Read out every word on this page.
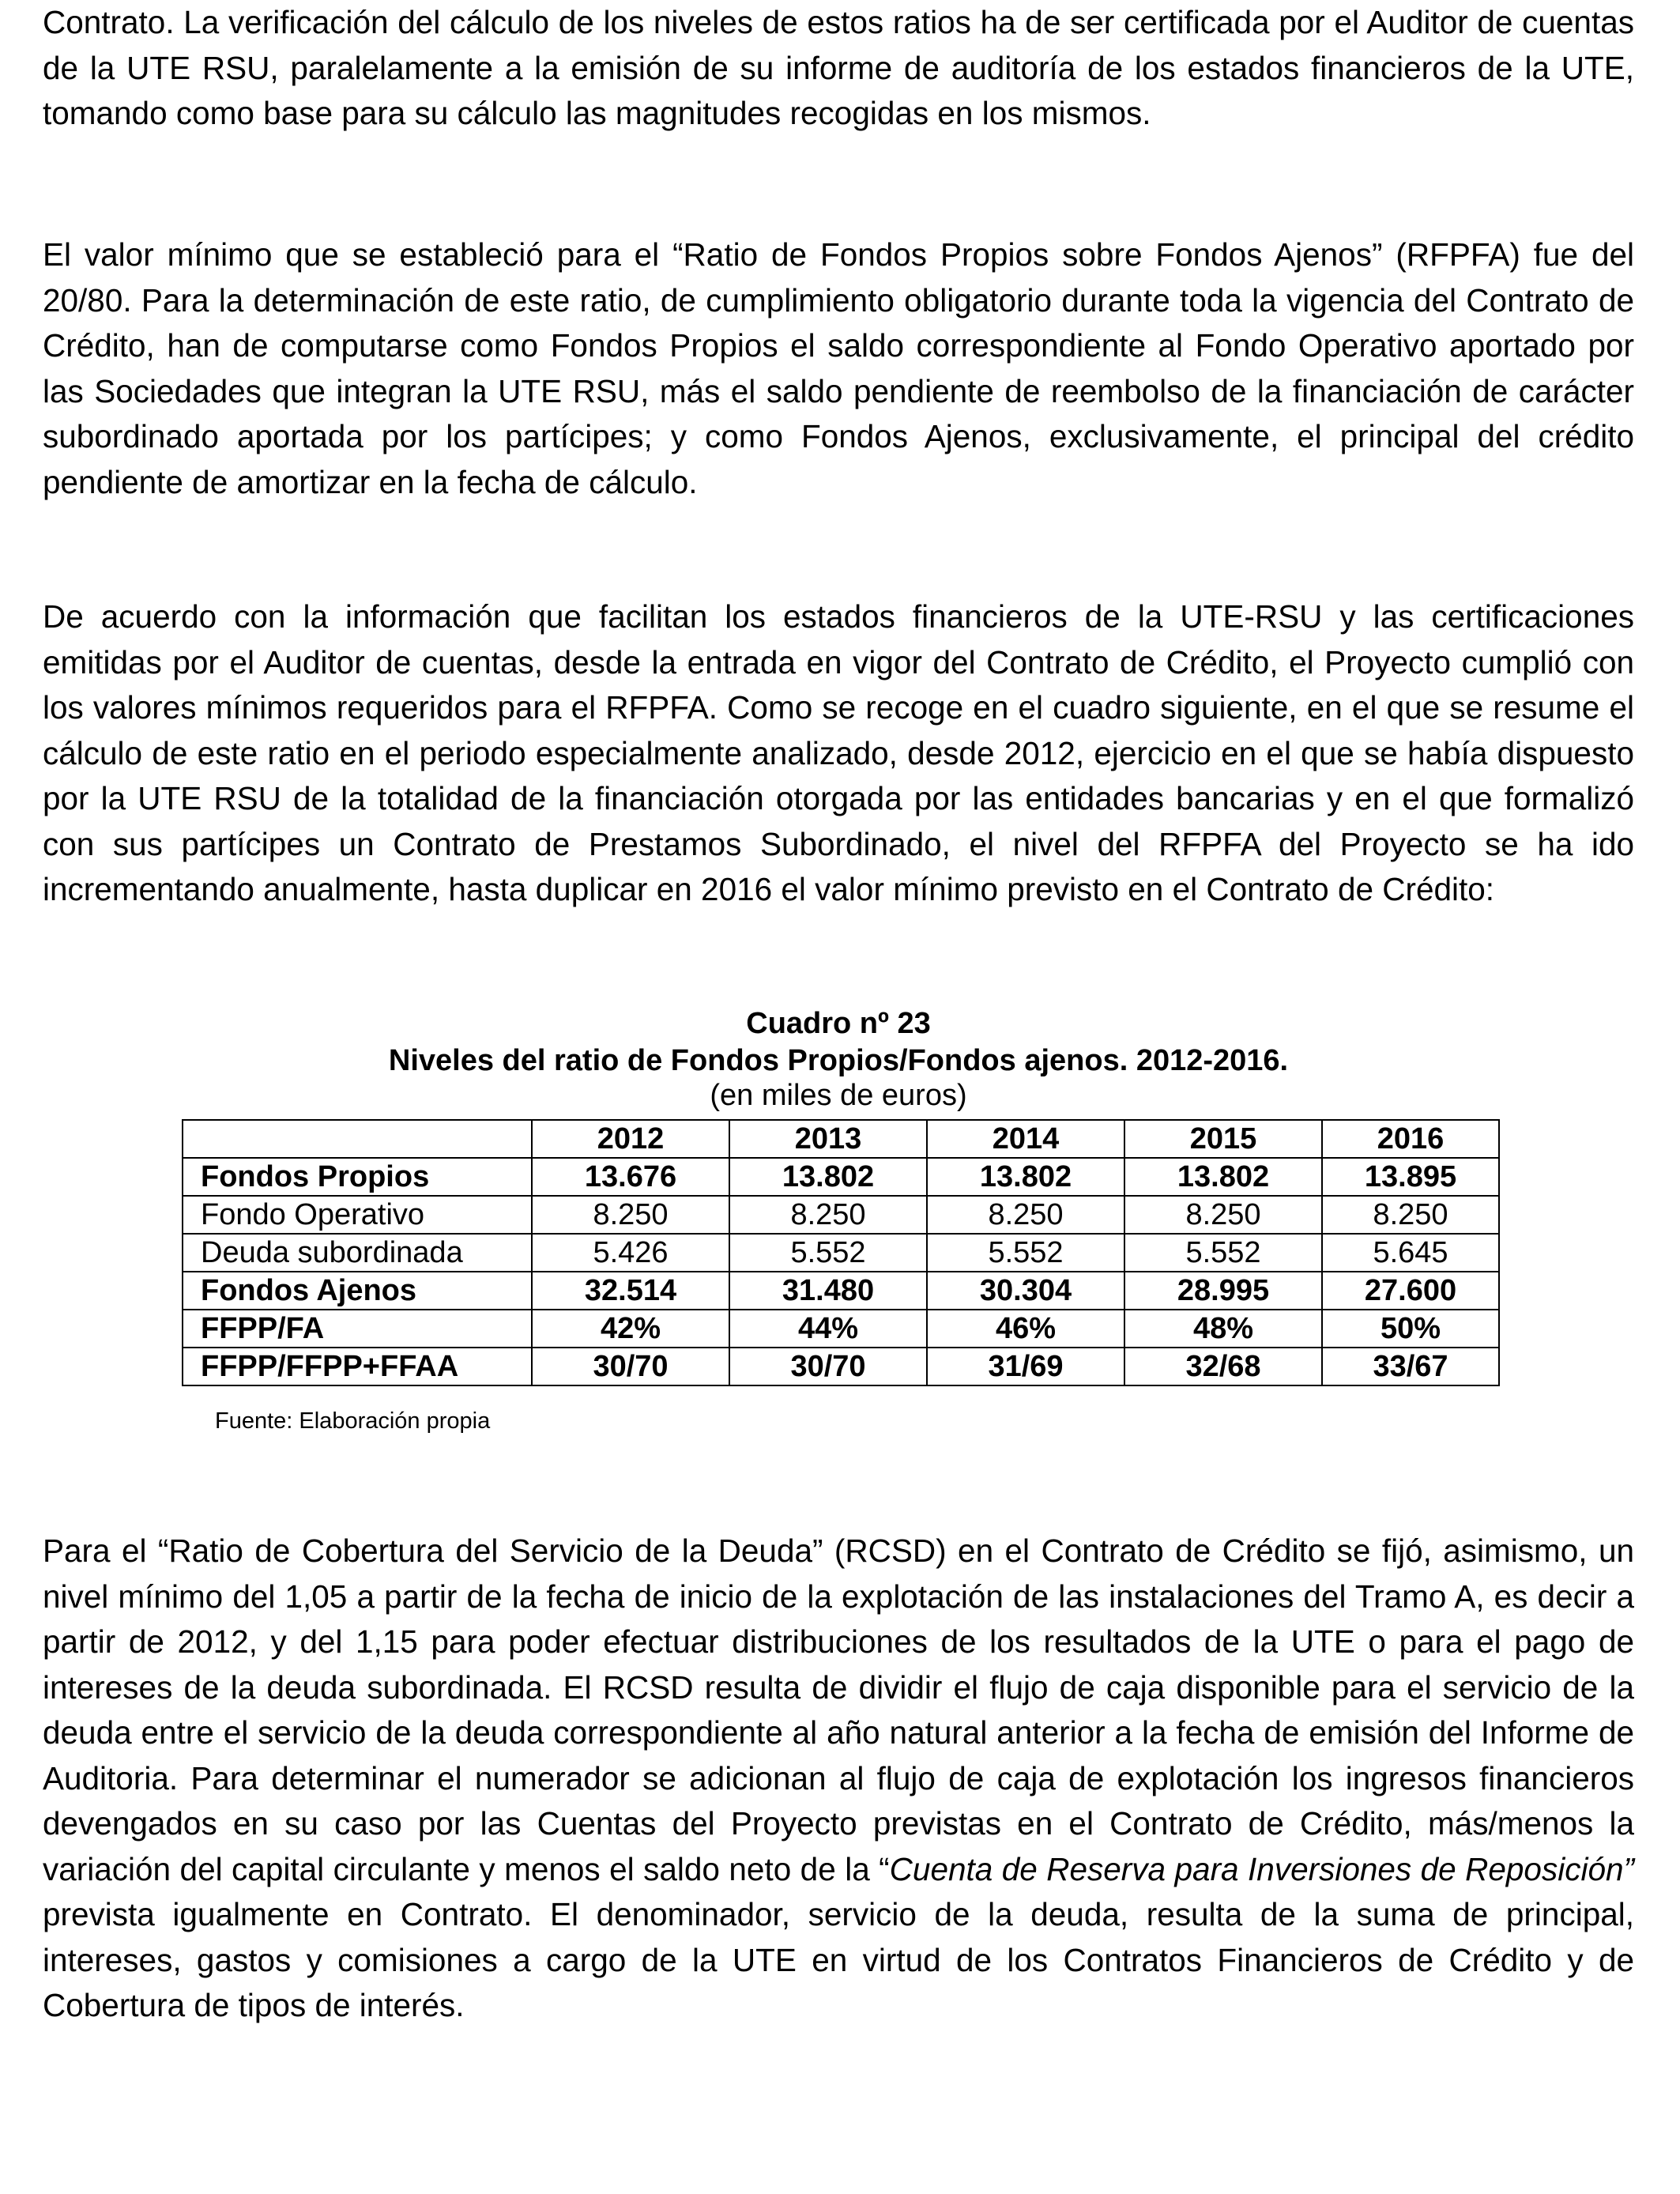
Contrato. La verificación del cálculo de los niveles de estos ratios ha de ser certificada por el Auditor de cuentas de la UTE RSU, paralelamente a la emisión de su informe de auditoría de los estados financieros de la UTE, tomando como base para su cálculo las magnitudes recogidas en los mismos.

El valor mínimo que se estableció para el “Ratio de Fondos Propios sobre Fondos Ajenos” (RFPFA) fue del 20/80. Para la determinación de este ratio, de cumplimiento obligatorio durante toda la vigencia del Contrato de Crédito, han de computarse como Fondos Propios el saldo correspondiente al Fondo Operativo aportado por las Sociedades que integran la UTE RSU, más el saldo pendiente de reembolso de la financiación de carácter subordinado aportada por los partícipes; y como Fondos Ajenos, exclusivamente, el principal del crédito pendiente de amortizar en la fecha de cálculo.

De acuerdo con la información que facilitan los estados financieros de la UTE-RSU y las certificaciones emitidas por el Auditor de cuentas, desde la entrada en vigor del Contrato de Crédito, el Proyecto cumplió con los valores mínimos requeridos para el RFPFA. Como se recoge en el cuadro siguiente, en el que se resume el cálculo de este ratio en el periodo especialmente analizado, desde 2012, ejercicio en el que se había dispuesto por la UTE RSU de la totalidad de la financiación otorgada por las entidades bancarias y en el que formalizó con sus partícipes un Contrato de Prestamos Subordinado, el nivel del RFPFA del Proyecto se ha ido incrementando anualmente, hasta duplicar en 2016 el valor mínimo previsto en el Contrato de Crédito:

Cuadro nº 23
Niveles del ratio de Fondos Propios/Fondos ajenos. 2012-2016.
(en miles de euros)
	2012	2013	2014	2015	2016
Fondos Propios	13.676	13.802	13.802	13.802	13.895
Fondo Operativo	8.250	8.250	8.250	8.250	8.250
Deuda subordinada	5.426	5.552	5.552	5.552	5.645
Fondos Ajenos	32.514	31.480	30.304	28.995	27.600
FFPP/FA	42%	44%	46%	48%	50%
FFPP/FFPP+FFAA	30/70	30/70	31/69	32/68	33/67
Fuente: Elaboración propia

Para el “Ratio de Cobertura del Servicio de la Deuda” (RCSD) en el Contrato de Crédito se fijó, asimismo, un nivel mínimo del 1,05 a partir de la fecha de inicio de la explotación de las instalaciones del Tramo A, es decir a partir de 2012, y del 1,15 para poder efectuar distribuciones de los resultados de la UTE o para el pago de intereses de la deuda subordinada. El RCSD resulta de dividir el flujo de caja disponible para el servicio de la deuda entre el servicio de la deuda correspondiente al año natural anterior a la fecha de emisión del Informe de Auditoria. Para determinar el numerador se adicionan al flujo de caja de explotación los ingresos financieros devengados en su caso por las Cuentas del Proyecto previstas en el Contrato de Crédito, más/menos la variación del capital circulante y menos el saldo neto de la “Cuenta de Reserva para Inversiones de Reposición” prevista igualmente en Contrato. El denominador, servicio de la deuda, resulta de la suma de principal, intereses, gastos y comisiones a cargo de la UTE en virtud de los Contratos Financieros de Crédito y de Cobertura de tipos de interés.
